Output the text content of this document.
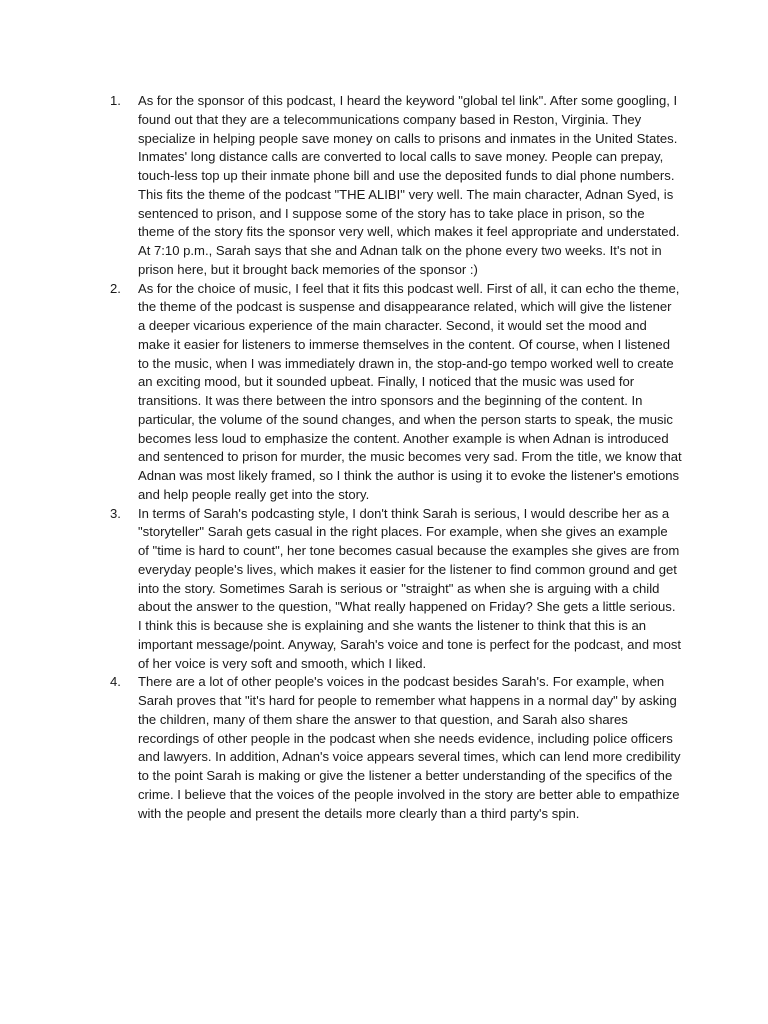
1.	As for the sponsor of this podcast, I heard the keyword "global tel link". After some googling, I found out that they are a telecommunications company based in Reston, Virginia. They specialize in helping people save money on calls to prisons and inmates in the United States. Inmates' long distance calls are converted to local calls to save money. People can prepay, touch-less top up their inmate phone bill and use the deposited funds to dial phone numbers. This fits the theme of the podcast "THE ALIBI" very well. The main character, Adnan Syed, is sentenced to prison, and I suppose some of the story has to take place in prison, so the theme of the story fits the sponsor very well, which makes it feel appropriate and understated. At 7:10 p.m., Sarah says that she and Adnan talk on the phone every two weeks. It's not in prison here, but it brought back memories of the sponsor :)
2.	As for the choice of music, I feel that it fits this podcast well. First of all, it can echo the theme, the theme of the podcast is suspense and disappearance related, which will give the listener a deeper vicarious experience of the main character. Second, it would set the mood and make it easier for listeners to immerse themselves in the content. Of course, when I listened to the music, when I was immediately drawn in, the stop-and-go tempo worked well to create an exciting mood, but it sounded upbeat. Finally, I noticed that the music was used for transitions. It was there between the intro sponsors and the beginning of the content. In particular, the volume of the sound changes, and when the person starts to speak, the music becomes less loud to emphasize the content. Another example is when Adnan is introduced and sentenced to prison for murder, the music becomes very sad. From the title, we know that Adnan was most likely framed, so I think the author is using it to evoke the listener's emotions and help people really get into the story.
3.	In terms of Sarah's podcasting style, I don't think Sarah is serious, I would describe her as a "storyteller" Sarah gets casual in the right places. For example, when she gives an example of "time is hard to count", her tone becomes casual because the examples she gives are from everyday people's lives, which makes it easier for the listener to find common ground and get into the story. Sometimes Sarah is serious or "straight" as when she is arguing with a child about the answer to the question, "What really happened on Friday? She gets a little serious. I think this is because she is explaining and she wants the listener to think that this is an important message/point. Anyway, Sarah's voice and tone is perfect for the podcast, and most of her voice is very soft and smooth, which I liked.
4.	There are a lot of other people's voices in the podcast besides Sarah's. For example, when Sarah proves that "it's hard for people to remember what happens in a normal day" by asking the children, many of them share the answer to that question, and Sarah also shares recordings of other people in the podcast when she needs evidence, including police officers and lawyers. In addition, Adnan's voice appears several times, which can lend more credibility to the point Sarah is making or give the listener a better understanding of the specifics of the crime. I believe that the voices of the people involved in the story are better able to empathize with the people and present the details more clearly than a third party's spin.
